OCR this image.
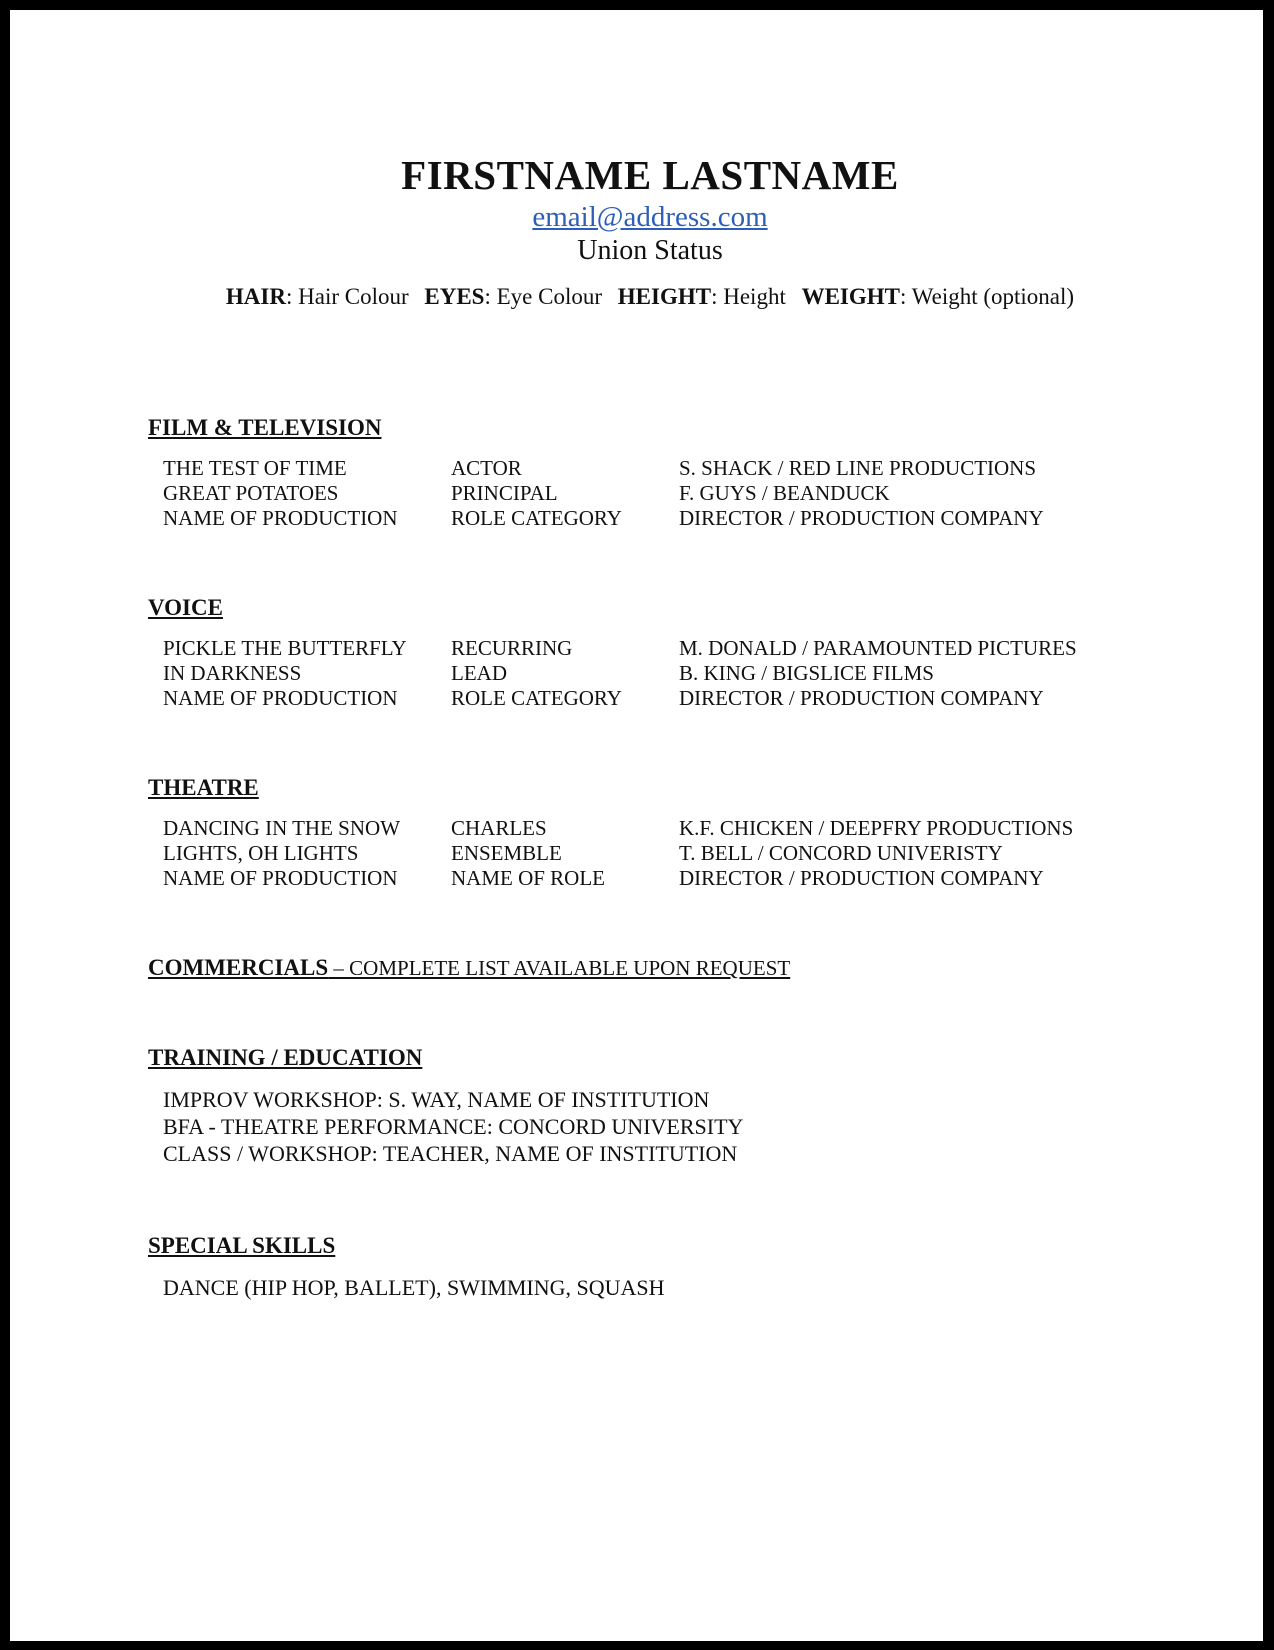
FIRSTNAME LASTNAME
email@address.com
Union Status
HAIR: Hair Colour EYES: Eye Colour HEIGHT: Height WEIGHT: Weight (optional)
FILM & TELEVISION
THE TEST OF TIME	ACTOR	S. SHACK / RED LINE PRODUCTIONS
GREAT POTATOES	PRINCIPAL	F. GUYS / BEANDUCK
NAME OF PRODUCTION	ROLE CATEGORY	DIRECTOR / PRODUCTION COMPANY
VOICE
PICKLE THE BUTTERFLY	RECURRING	M. DONALD / PARAMOUNTED PICTURES
IN DARKNESS	LEAD	B. KING / BIGSLICE FILMS
NAME OF PRODUCTION	ROLE CATEGORY	DIRECTOR / PRODUCTION COMPANY
THEATRE
DANCING IN THE SNOW	CHARLES	K.F. CHICKEN / DEEPFRY PRODUCTIONS
LIGHTS, OH LIGHTS	ENSEMBLE	T. BELL / CONCORD UNIVERISTY
NAME OF PRODUCTION	NAME OF ROLE	DIRECTOR / PRODUCTION COMPANY
COMMERCIALS – COMPLETE LIST AVAILABLE UPON REQUEST
TRAINING / EDUCATION
IMPROV WORKSHOP: S. WAY, NAME OF INSTITUTION
BFA - THEATRE PERFORMANCE: CONCORD UNIVERSITY
CLASS / WORKSHOP: TEACHER, NAME OF INSTITUTION
SPECIAL SKILLS
DANCE (HIP HOP, BALLET), SWIMMING, SQUASH
